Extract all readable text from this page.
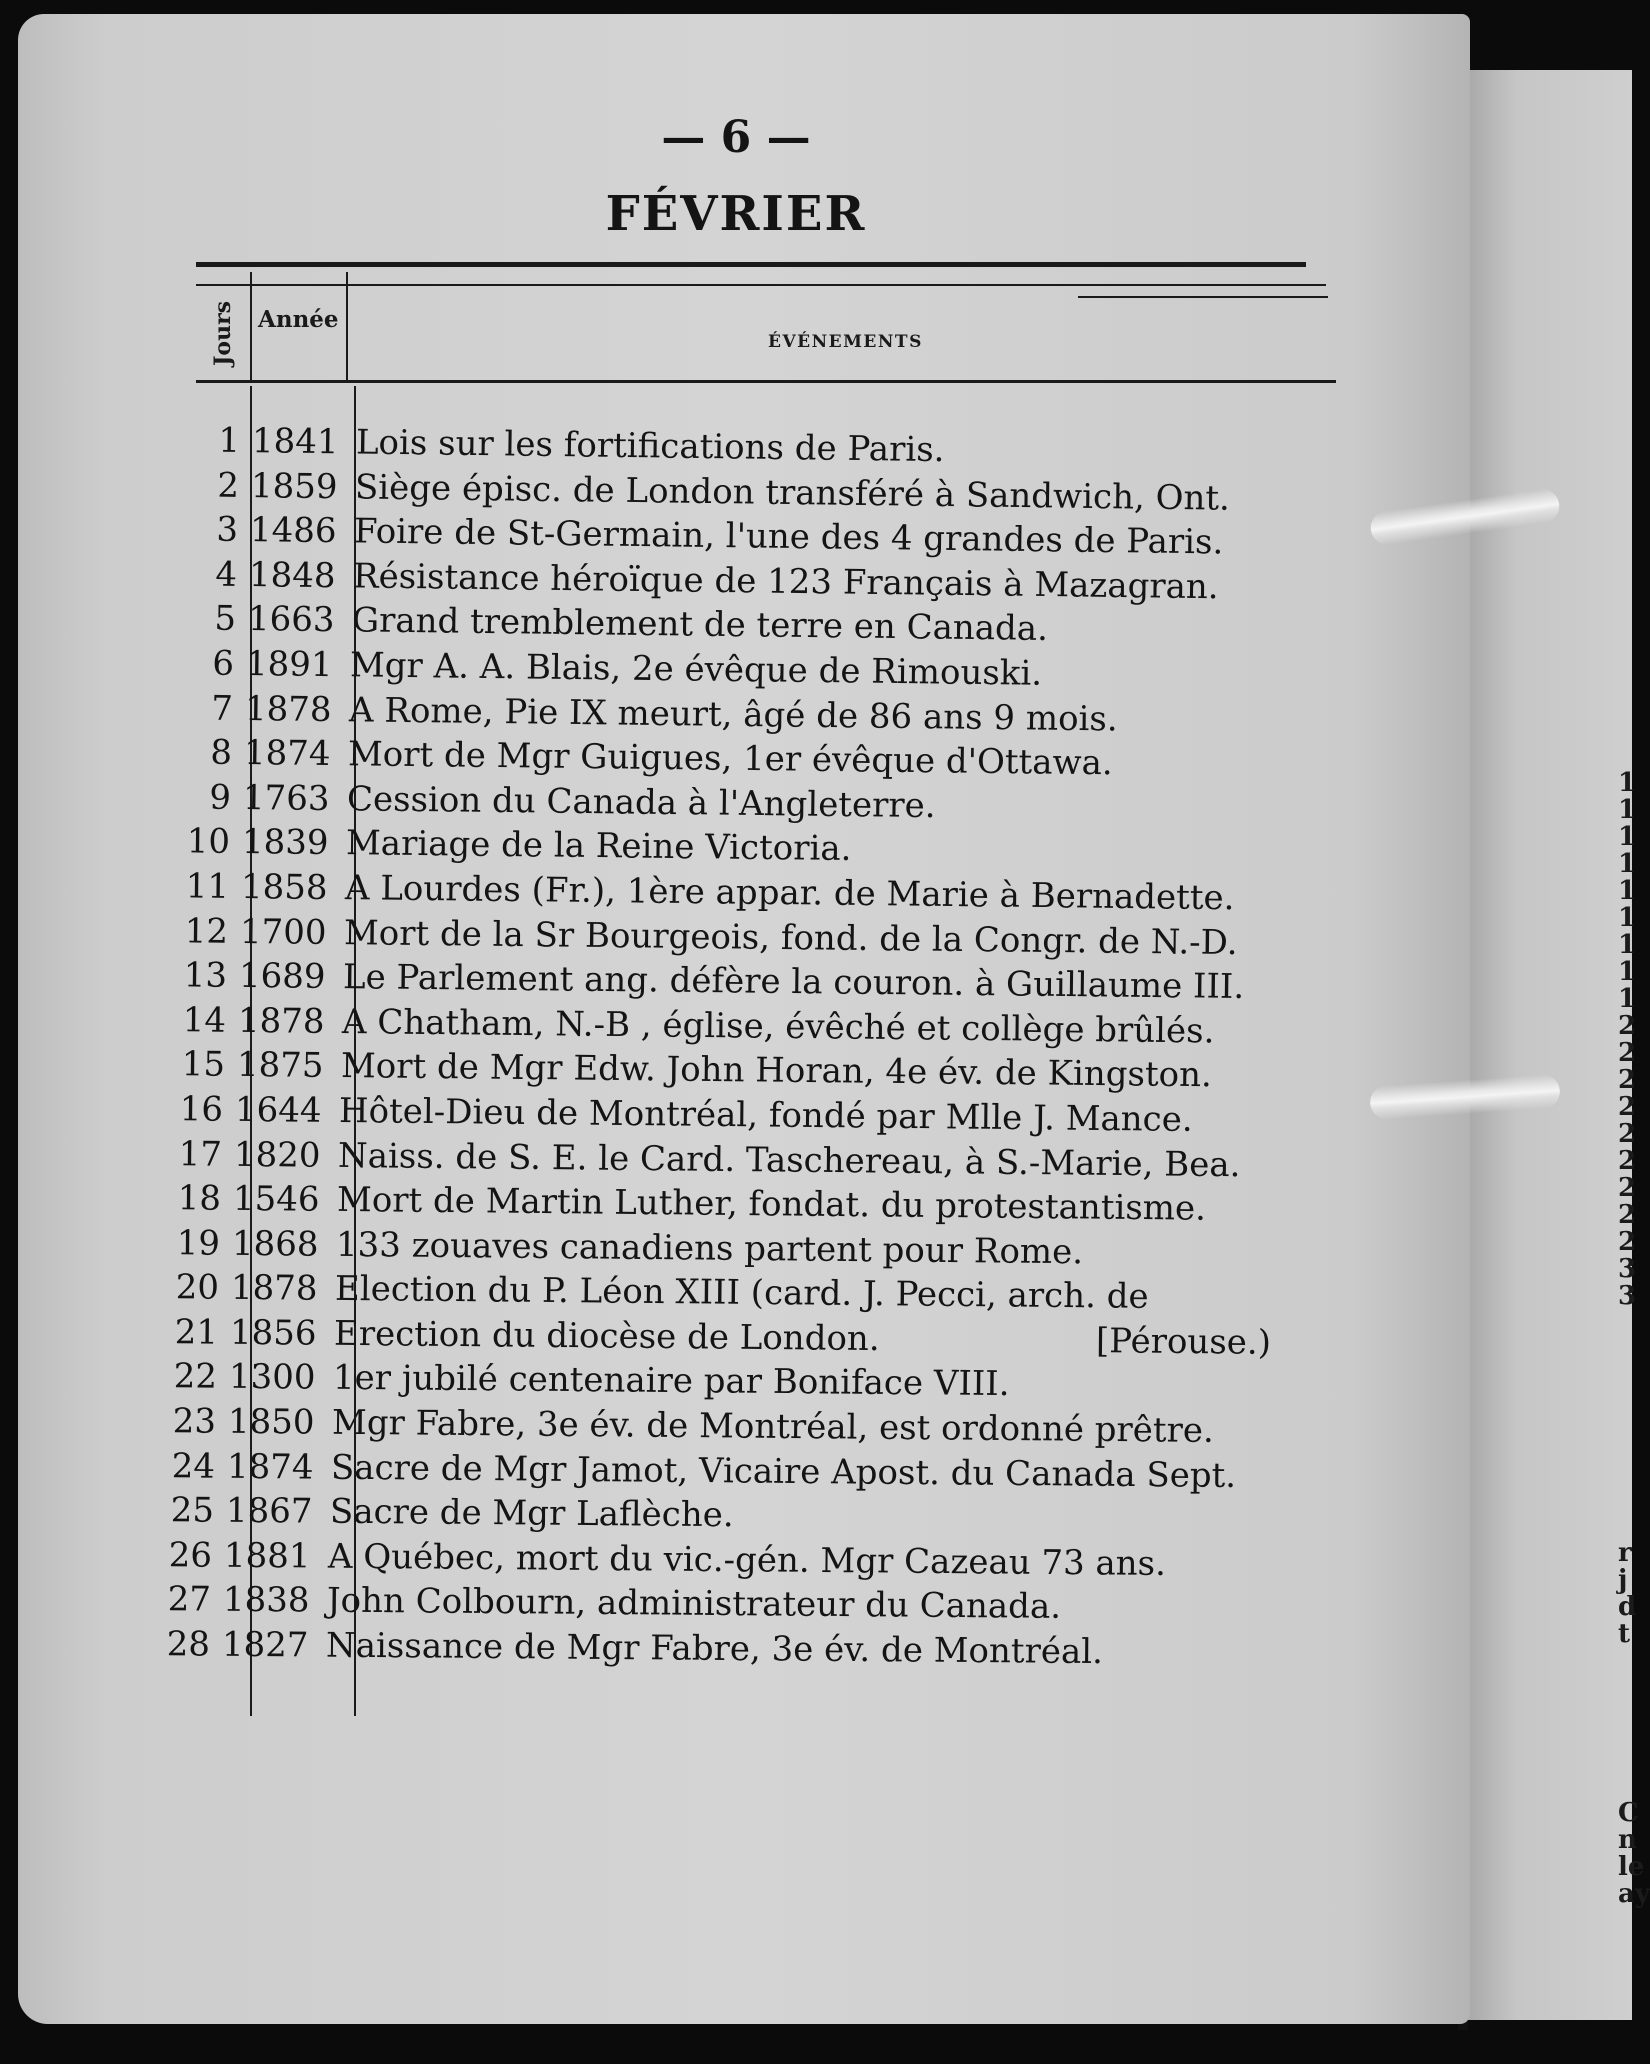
1
1
1
1
1
1
1
1
1
2
2
2
2
2
2
2
2
2
3
3
r
j
d
t
C
n
le
ay
— 6 —
FÉVRIER
Jours Année
ÉVÉNEMENTS
1 1841 Lois sur les fortifications de Paris.
2 1859 Siège épisc. de London transféré à Sandwich, Ont.
3 1486 Foire de St-Germain, l'une des 4 grandes de Paris.
4 1848 Résistance héroïque de 123 Français à Mazagran.
5 1663 Grand tremblement de terre en Canada.
6 1891 Mgr A. A. Blais, 2e évêque de Rimouski.
7 1878 A Rome, Pie IX meurt, âgé de 86 ans 9 mois.
8 1874 Mort de Mgr Guigues, 1er évêque d'Ottawa.
9 1763 Cession du Canada à l'Angleterre.
10 1839 Mariage de la Reine Victoria.
11 1858 A Lourdes (Fr.), 1ère appar. de Marie à Bernadette.
12 1700 Mort de la Sr Bourgeois, fond. de la Congr. de N.-D.
13 1689 Le Parlement ang. défère la couron. à Guillaume III.
14 1878 A Chatham, N.-B , église, évêché et collège brûlés.
15 1875 Mort de Mgr Edw. John Horan, 4e év. de Kingston.
16 1644 Hôtel-Dieu de Montréal, fondé par Mlle J. Mance.
17 1820 Naiss. de S. E. le Card. Taschereau, à S.-Marie, Bea.
18 1546 Mort de Martin Luther, fondat. du protestantisme.
19 1868 133 zouaves canadiens partent pour Rome.
20 1878 Election du P. Léon XIII (card. J. Pecci, arch. de
21 1856 Erection du diocèse de London.	[Pérouse.)
22 1300 1er jubilé centenaire par Boniface VIII.
23 1850 Mgr Fabre, 3e év. de Montréal, est ordonné prêtre.
24 1874 Sacre de Mgr Jamot, Vicaire Apost. du Canada Sept.
25 1867 Sacre de Mgr Laflèche.
26 1881 A Québec, mort du vic.-gén. Mgr Cazeau 73 ans.
27 1838 John Colbourn, administrateur du Canada.
28 1827 Naissance de Mgr Fabre, 3e év. de Montréal.
